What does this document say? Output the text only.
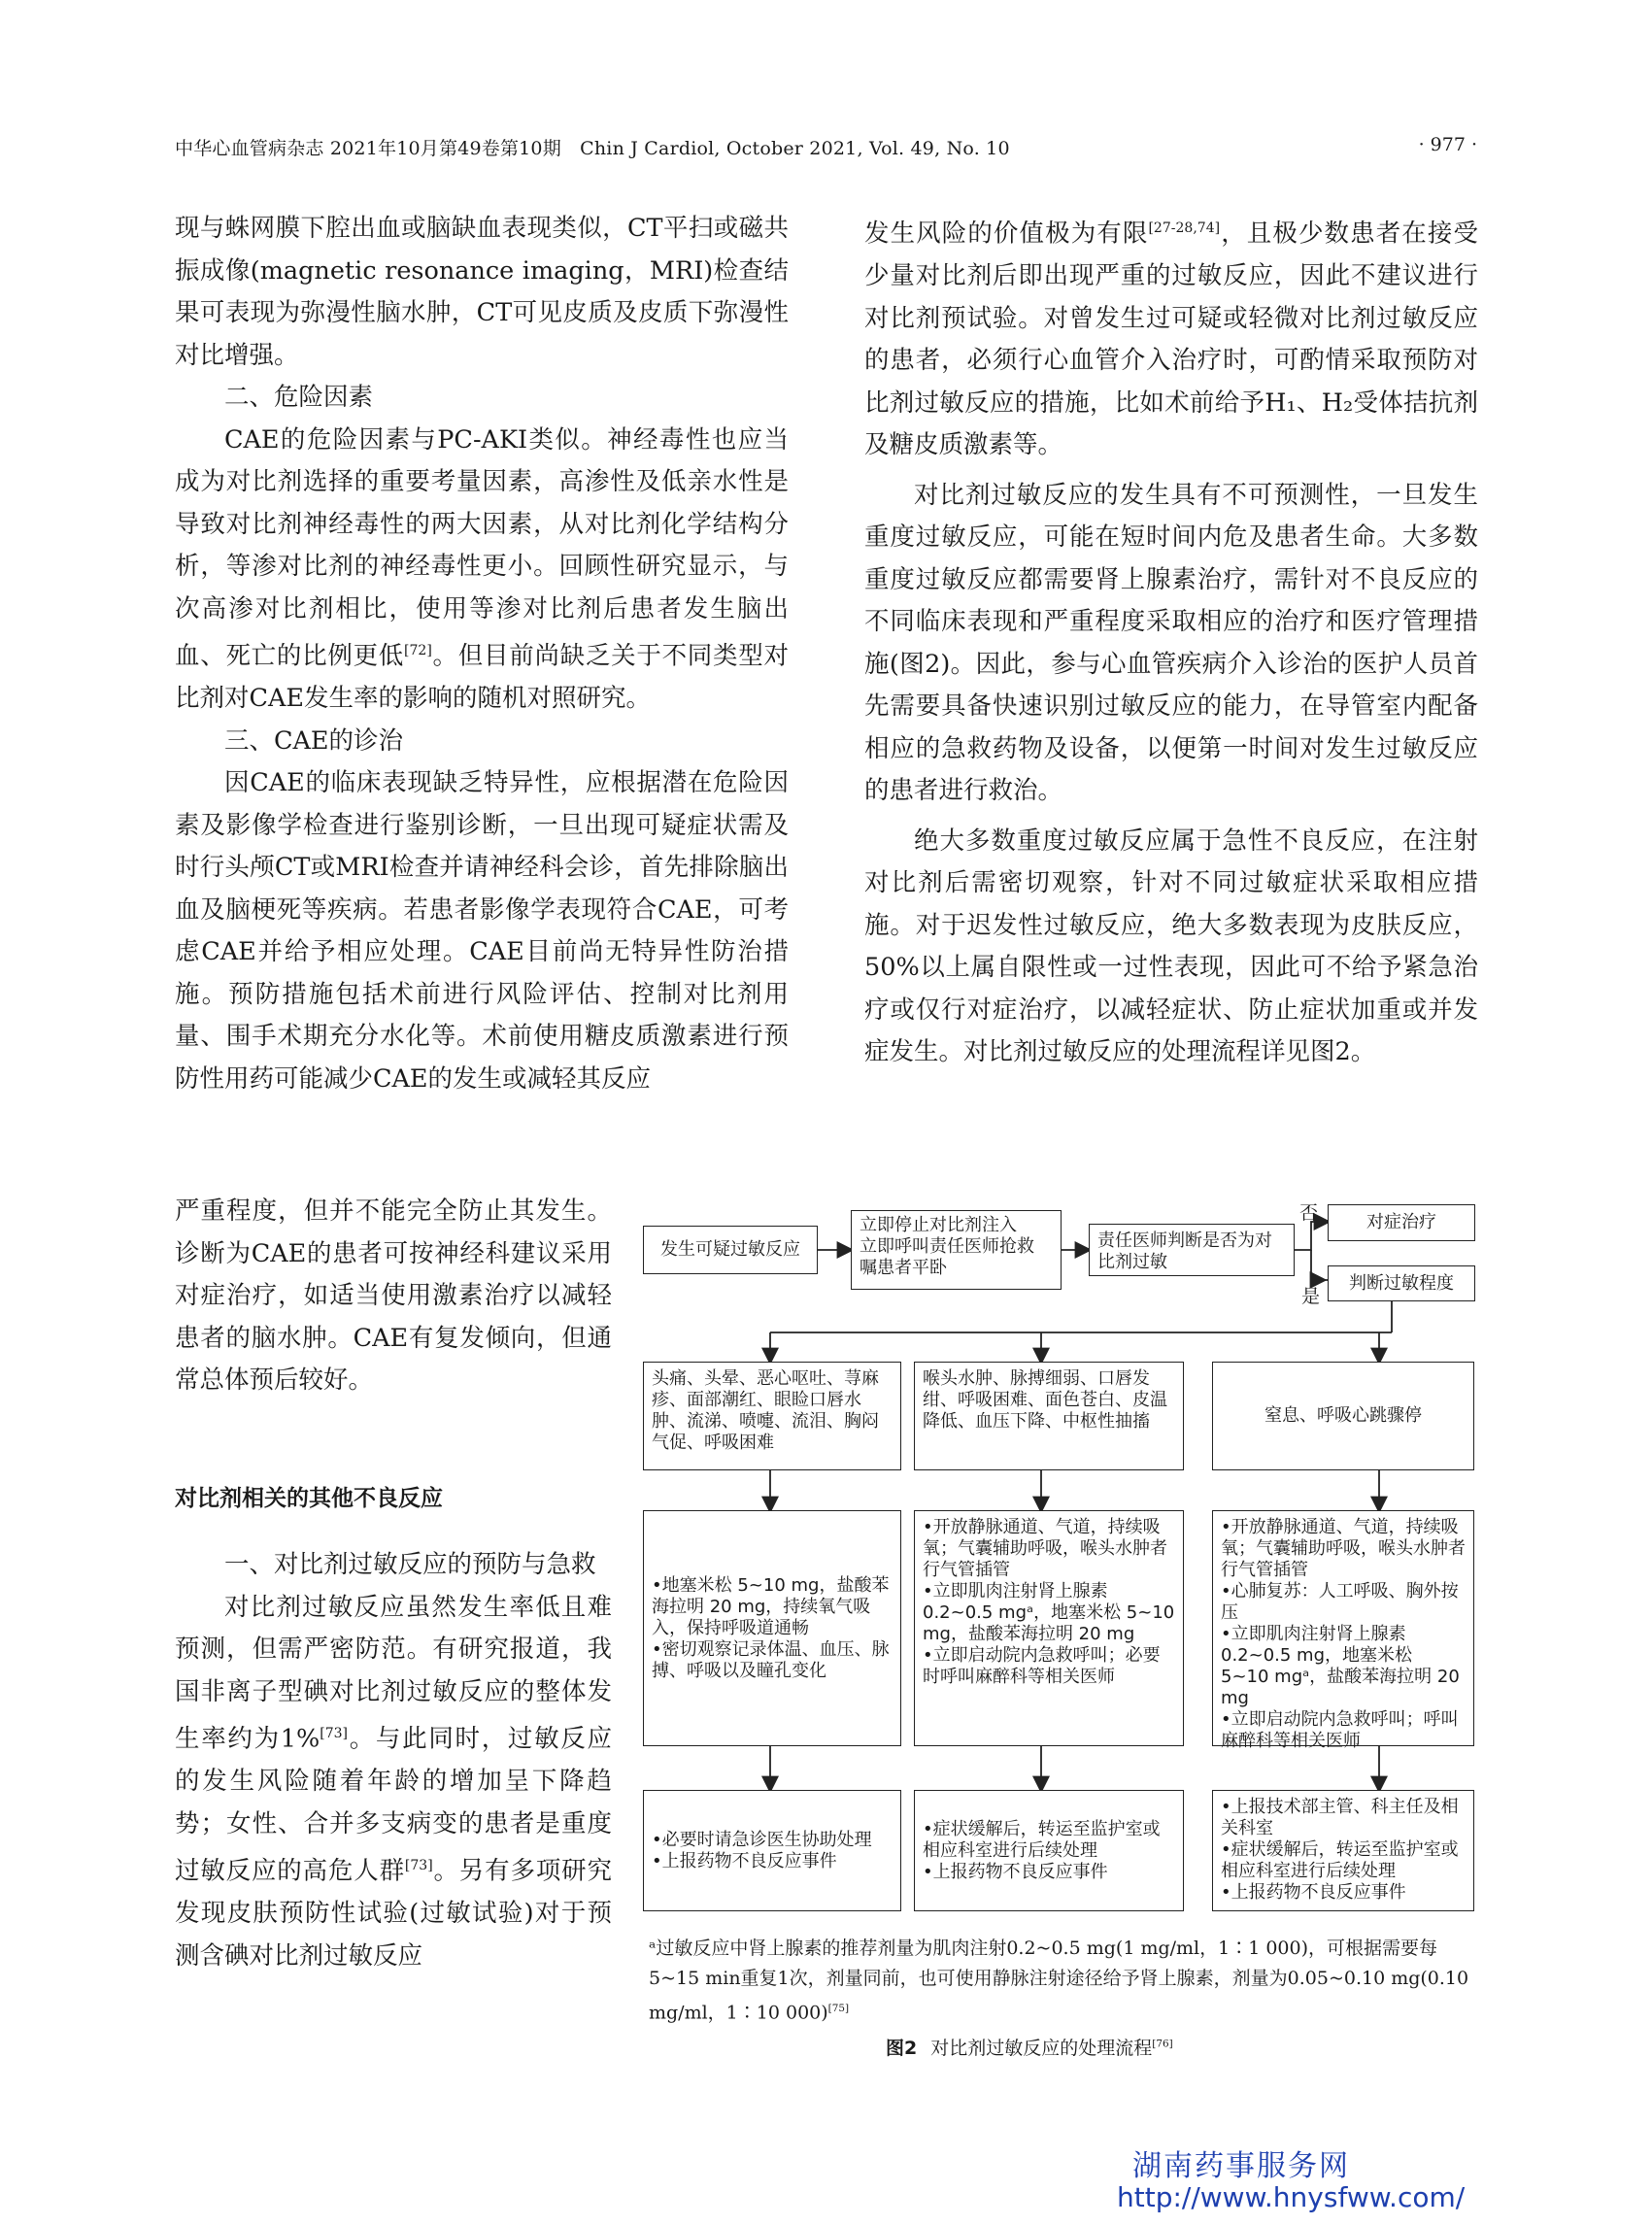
中华心血管病杂志 2021年10月第49卷第10期　Chin J Cardiol, October 2021, Vol. 49, No. 10	· 977 ·

现与蛛网膜下腔出血或脑缺血表现类似，CT平扫或磁共振成像(magnetic resonance imaging，MRI)检查结果可表现为弥漫性脑水肿，CT可见皮质及皮质下弥漫性对比增强。

二、危险因素

CAE的危险因素与PC-AKI类似。神经毒性也应当成为对比剂选择的重要考量因素，高渗性及低亲水性是导致对比剂神经毒性的两大因素，从对比剂化学结构分析，等渗对比剂的神经毒性更小。回顾性研究显示，与次高渗对比剂相比，使用等渗对比剂后患者发生脑出血、死亡的比例更低[72]。但目前尚缺乏关于不同类型对比剂对CAE发生率的影响的随机对照研究。

三、CAE的诊治

因CAE的临床表现缺乏特异性，应根据潜在危险因素及影像学检查进行鉴别诊断，一旦出现可疑症状需及时行头颅CT或MRI检查并请神经科会诊，首先排除脑出血及脑梗死等疾病。若患者影像学表现符合CAE，可考虑CAE并给予相应处理。CAE目前尚无特异性防治措施。预防措施包括术前进行风险评估、控制对比剂用量、围手术期充分水化等。术前使用糖皮质激素进行预防性用药可能减少CAE的发生或减轻其反应

严重程度，但并不能完全防止其发生。诊断为CAE的患者可按神经科建议采用对症治疗，如适当使用激素治疗以减轻患者的脑水肿。CAE有复发倾向，但通常总体预后较好。

对比剂相关的其他不良反应

一、对比剂过敏反应的预防与急救

对比剂过敏反应虽然发生率低且难预测，但需严密防范。有研究报道，我国非离子型碘对比剂过敏反应的整体发生率约为1%[73]。与此同时，过敏反应的发生风险随着年龄的增加呈下降趋势；女性、合并多支病变的患者是重度过敏反应的高危人群[73]。另有多项研究发现皮肤预防性试验(过敏试验)对于预测含碘对比剂过敏反应

发生风险的价值极为有限[27-28,74]，且极少数患者在接受少量对比剂后即出现严重的过敏反应，因此不建议进行对比剂预试验。对曾发生过可疑或轻微对比剂过敏反应的患者，必须行心血管介入治疗时，可酌情采取预防对比剂过敏反应的措施，比如术前给予H₁、H₂受体拮抗剂及糖皮质激素等。

对比剂过敏反应的发生具有不可预测性，一旦发生重度过敏反应，可能在短时间内危及患者生命。大多数重度过敏反应都需要肾上腺素治疗，需针对不良反应的不同临床表现和严重程度采取相应的治疗和医疗管理措施(图2)。因此，参与心血管疾病介入诊治的医护人员首先需要具备快速识别过敏反应的能力，在导管室内配备相应的急救药物及设备，以便第一时间对发生过敏反应的患者进行救治。

绝大多数重度过敏反应属于急性不良反应，在注射对比剂后需密切观察，针对不同过敏症状采取相应措施。对于迟发性过敏反应，绝大多数表现为皮肤反应，50%以上属自限性或一过性表现，因此可不给予紧急治疗或仅行对症治疗，以减轻症状、防止症状加重或并发症发生。对比剂过敏反应的处理流程详见图2。

发生可疑过敏反应
立即停止对比剂注入
立即呼叫责任医师抢救
嘱患者平卧
责任医师判断是否为对比剂过敏
否
是
对症治疗
判断过敏程度
头痛、头晕、恶心呕吐、荨麻疹、面部潮红、眼睑口唇水肿、流涕、喷嚏、流泪、胸闷气促、呼吸困难
喉头水肿、脉搏细弱、口唇发绀、呼吸困难、面色苍白、皮温降低、血压下降、中枢性抽搐	窒息、呼吸心跳骤停
•地塞米松 5~10 mg，盐酸苯海拉明 20 mg，持续氧气吸入，保持呼吸道通畅
•密切观察记录体温、血压、脉搏、呼吸以及瞳孔变化
•开放静脉通道、气道，持续吸氧；气囊辅助呼吸，喉头水肿者行气管插管
•立即肌肉注射肾上腺素 0.2~0.5 mgᵃ，地塞米松 5~10 mg，盐酸苯海拉明 20 mg
•立即启动院内急救呼叫；必要时呼叫麻醉科等相关医师
•开放静脉通道、气道，持续吸氧；气囊辅助呼吸，喉头水肿者行气管插管
•心肺复苏：人工呼吸、胸外按压
•立即肌肉注射肾上腺素 0.2~0.5 mg，地塞米松 5~10 mgᵃ，盐酸苯海拉明 20 mg
•立即启动院内急救呼叫；呼叫麻醉科等相关医师
•必要时请急诊医生协助处理
•上报药物不良反应事件
•症状缓解后，转运至监护室或相应科室进行后续处理
•上报药物不良反应事件
•上报技术部主管、科主任及相关科室
•症状缓解后，转运至监护室或相应科室进行后续处理
•上报药物不良反应事件
ᵃ过敏反应中肾上腺素的推荐剂量为肌肉注射0.2~0.5 mg(1 mg/ml，1∶1 000)，可根据需要每5~15 min重复1次，剂量同前，也可使用静脉注射途径给予肾上腺素，剂量为0.05~0.10 mg(0.10 mg/ml，1∶10 000)[75]
图2 对比剂过敏反应的处理流程[76]
湖南药事服务网
http://www.hnysfww.com/
